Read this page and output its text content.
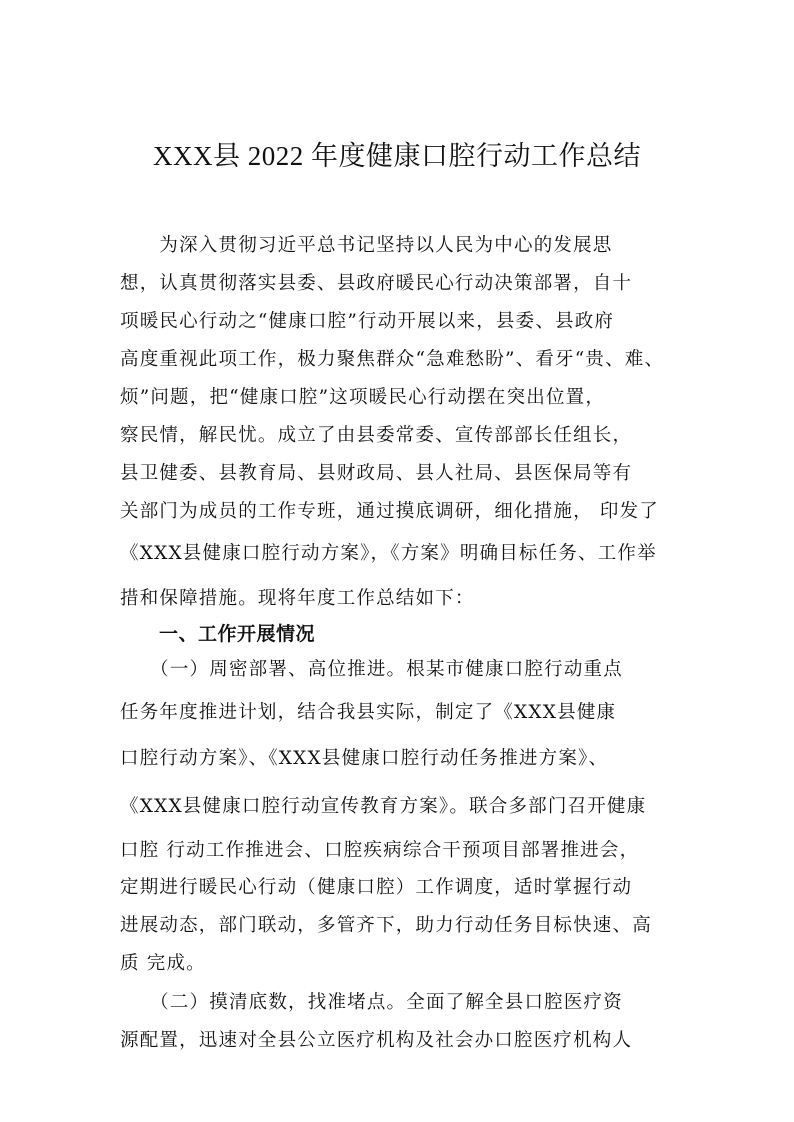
XXX县 2022 年度健康口腔行动工作总结
　　为深入贯彻习近平总书记坚持以人民为中心的发展思
想，认真贯彻落实县委、县政府暖民心行动决策部署，自十
项暖民心行动之“健康口腔”行动开展以来，县委、县政府
高度重视此项工作，极力聚焦群众“急难愁盼”、看牙“贵、难、
烦”问题，把“健康口腔”这项暖民心行动摆在突出位置，
察民情，解民忧。成立了由县委常委、宣传部部长任组长，
县卫健委、县教育局、县财政局、县人社局、县医保局等有
关部门为成员的工作专班，通过摸底调研，细化措施， 印发了
《XXX县健康口腔行动方案》，《方案》明确目标任务、工作举
措和保障措施。现将年度工作总结如下：
　　一、工作开展情况
　　（一）周密部署、高位推进。根某市健康口腔行动重点
任务年度推进计划，结合我县实际，制定了《XXX县健康
口腔行动方案》、《XXX县健康口腔行动任务推进方案》、
《XXX县健康口腔行动宣传教育方案》。联合多部门召开健康
口腔 行动工作推进会、口腔疾病综合干预项目部署推进会，
定期进行暖民心行动（健康口腔）工作调度，适时掌握行动
进展动态，部门联动，多管齐下，助力行动任务目标快速、高
质 完成。
　　（二）摸清底数，找准堵点。全面了解全县口腔医疗资
源配置，迅速对全县公立医疗机构及社会办口腔医疗机构人
